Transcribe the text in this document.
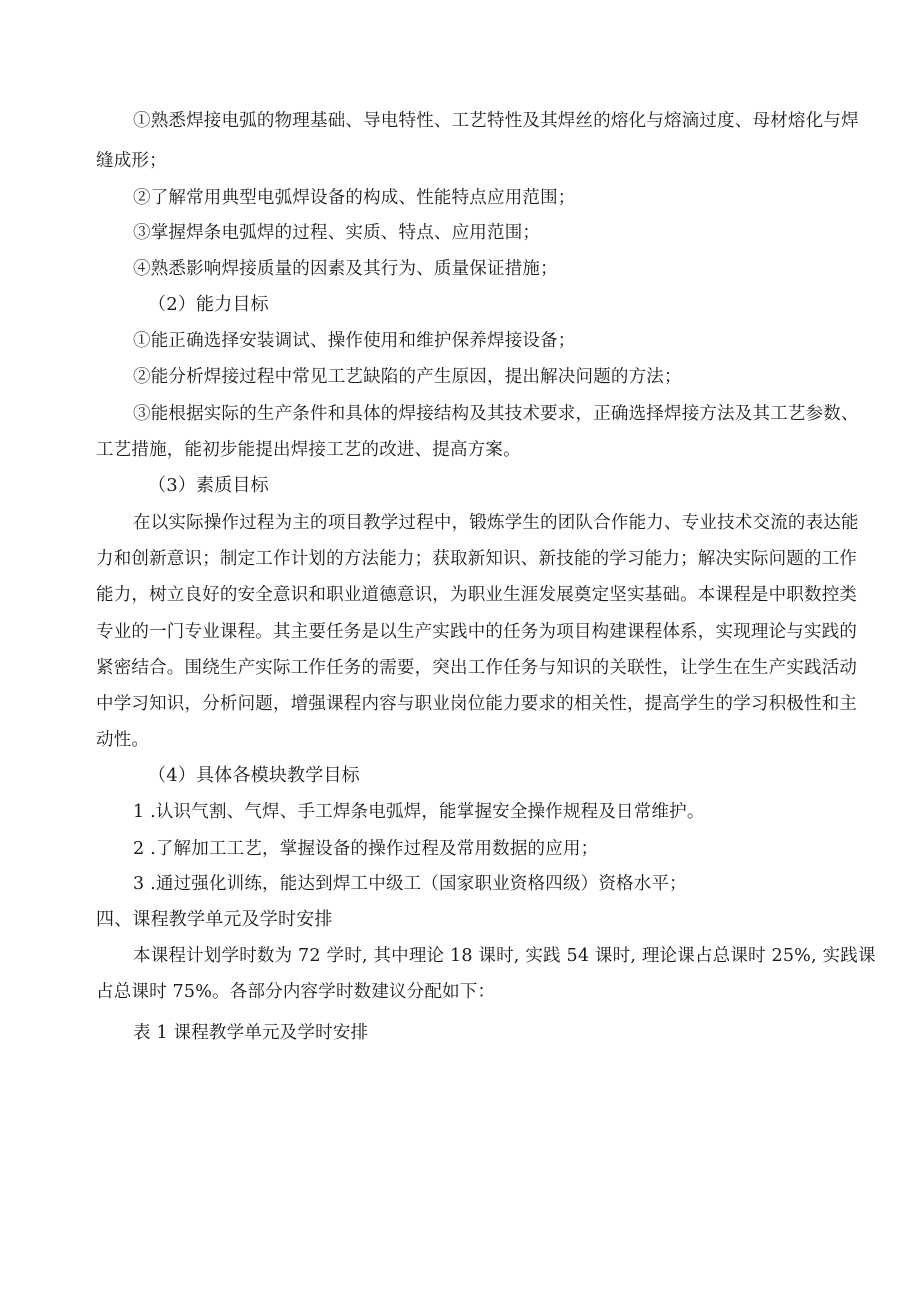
①熟悉焊接电弧的物理基础、导电特性、工艺特性及其焊丝的熔化与熔滴过度、母材熔化与焊
缝成形；
②了解常用典型电弧焊设备的构成、性能特点应用范围；
③掌握焊条电弧焊的过程、实质、特点、应用范围；
④熟悉影响焊接质量的因素及其行为、质量保证措施；
（2）能力目标
①能正确选择安装调试、操作使用和维护保养焊接设备；
②能分析焊接过程中常见工艺缺陷的产生原因，提出解决问题的方法；
③能根据实际的生产条件和具体的焊接结构及其技术要求，正确选择焊接方法及其工艺参数、
工艺措施，能初步能提出焊接工艺的改进、提高方案。
（3）素质目标
在以实际操作过程为主的项目教学过程中，锻炼学生的团队合作能力、专业技术交流的表达能
力和创新意识；制定工作计划的方法能力；获取新知识、新技能的学习能力；解决实际问题的工作
能力，树立良好的安全意识和职业道德意识，为职业生涯发展奠定坚实基础。本课程是中职数控类
专业的一门专业课程。其主要任务是以生产实践中的任务为项目构建课程体系，实现理论与实践的
紧密结合。围绕生产实际工作任务的需要，突出工作任务与知识的关联性，让学生在生产实践活动
中学习知识，分析问题，增强课程内容与职业岗位能力要求的相关性，提高学生的学习积极性和主
动性。
（4）具体各模块教学目标
1 .认识气割、气焊、手工焊条电弧焊，能掌握安全操作规程及日常维护。
2 .了解加工工艺，掌握设备的操作过程及常用数据的应用；
3 .通过强化训练，能达到焊工中级工（国家职业资格四级）资格水平；
四、课程教学单元及学时安排
本课程计划学时数为 72 学时, 其中理论 18 课时, 实践 54 课时, 理论课占总课时 25%, 实践课
占总课时 75%。各部分内容学时数建议分配如下：
表 1 课程教学单元及学时安排
